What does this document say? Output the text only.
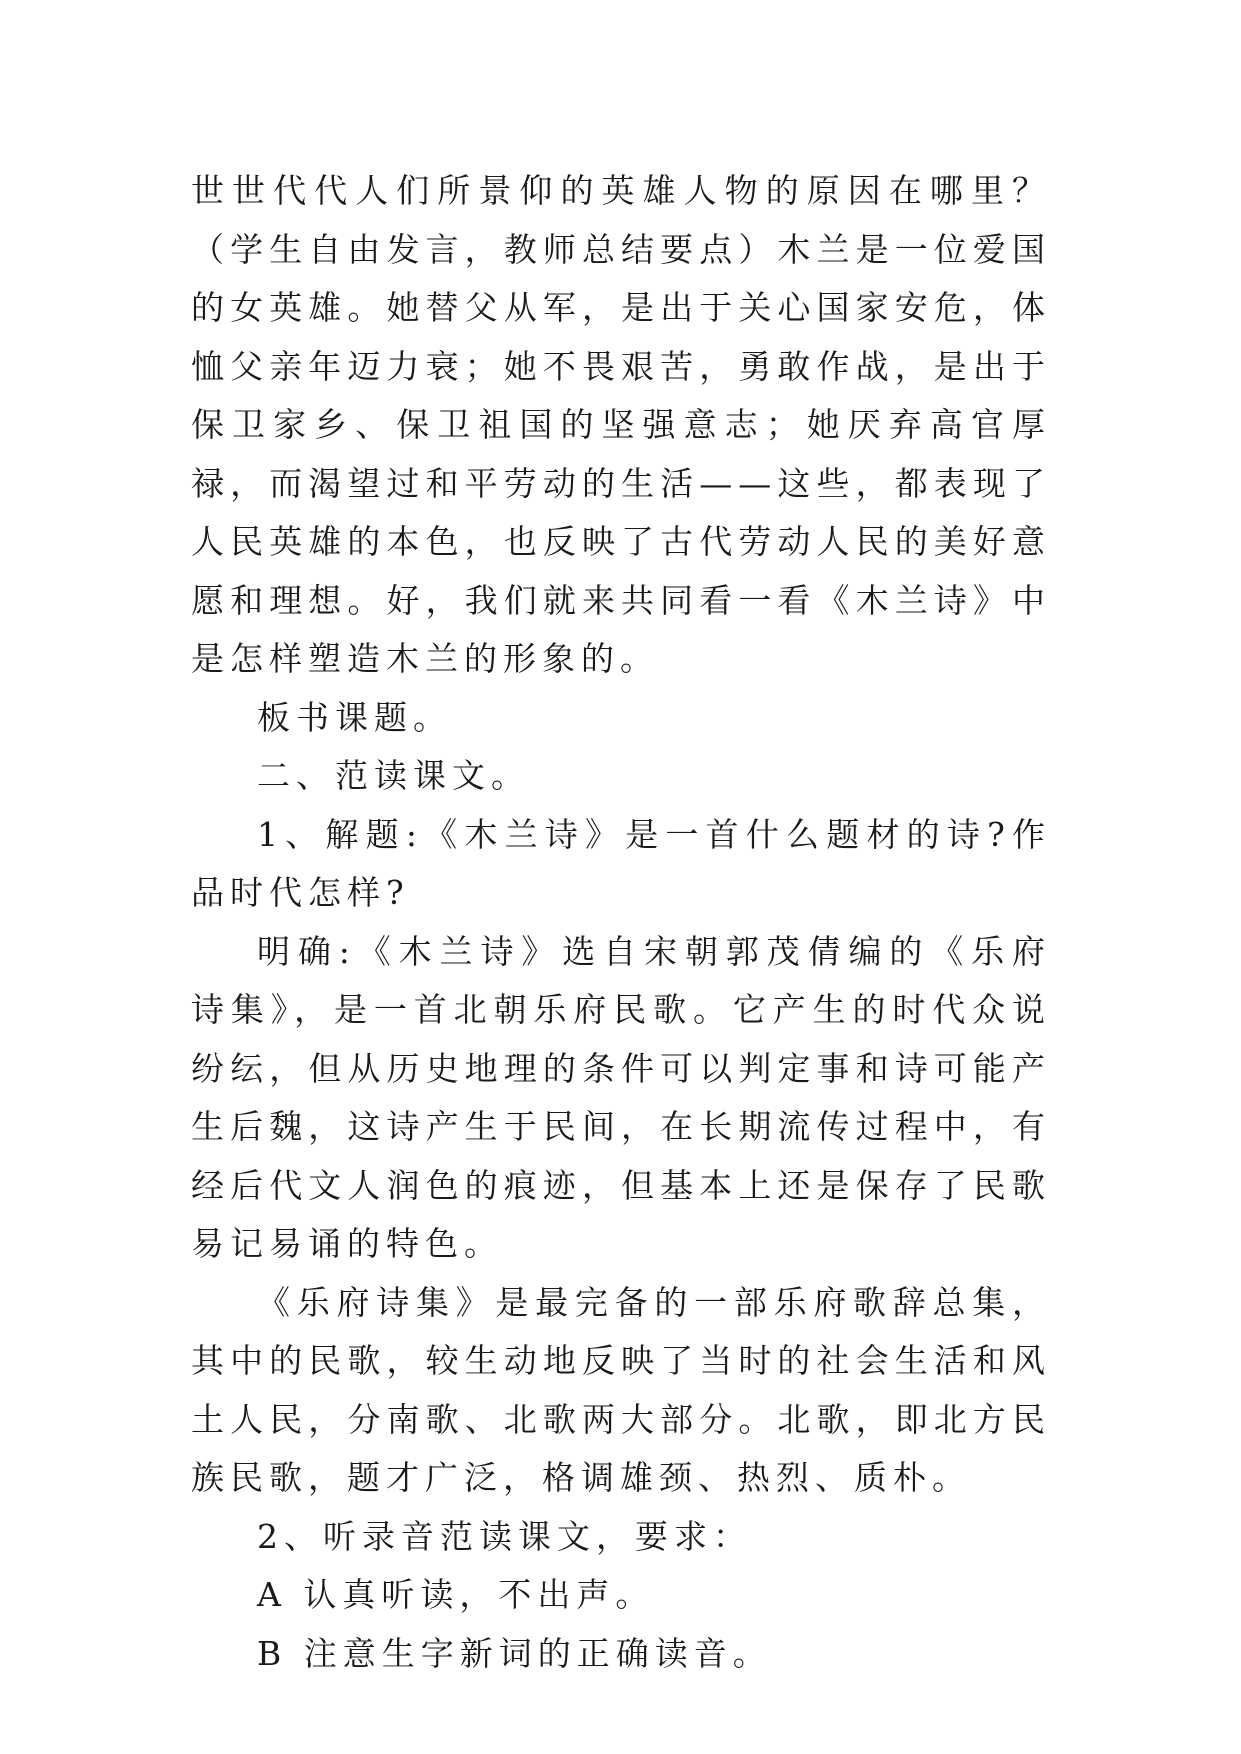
世世代代人们所景仰的英雄人物的原因在哪里？（学生自由发言，教师总结要点）木兰是一位爱国的女英雄。她替父从军，是出于关心国家安危，体恤父亲年迈力衰；她不畏艰苦，勇敢作战，是出于保卫家乡、保卫祖国的坚强意志；她厌弃高官厚禄，而渴望过和平劳动的生活——这些，都表现了人民英雄的本色，也反映了古代劳动人民的美好意愿和理想。好，我们就来共同看一看《木兰诗》中是怎样塑造木兰的形象的。

板书课题。

二、范读课文。

1、解题:《木兰诗》是一首什么题材的诗?作品时代怎样?

明确:《木兰诗》选自宋朝郭茂倩编的《乐府诗集》，是一首北朝乐府民歌。它产生的时代众说纷纭，但从历史地理的条件可以判定事和诗可能产生后魏，这诗产生于民间，在长期流传过程中，有经后代文人润色的痕迹，但基本上还是保存了民歌易记易诵的特色。

《乐府诗集》是最完备的一部乐府歌辞总集，其中的民歌，较生动地反映了当时的社会生活和风土人民，分南歌、北歌两大部分。北歌，即北方民族民歌，题才广泛，格调雄颈、热烈、质朴。

2、听录音范读课文，要求：

A 认真听读，不出声。

B 注意生字新词的正确读音。
